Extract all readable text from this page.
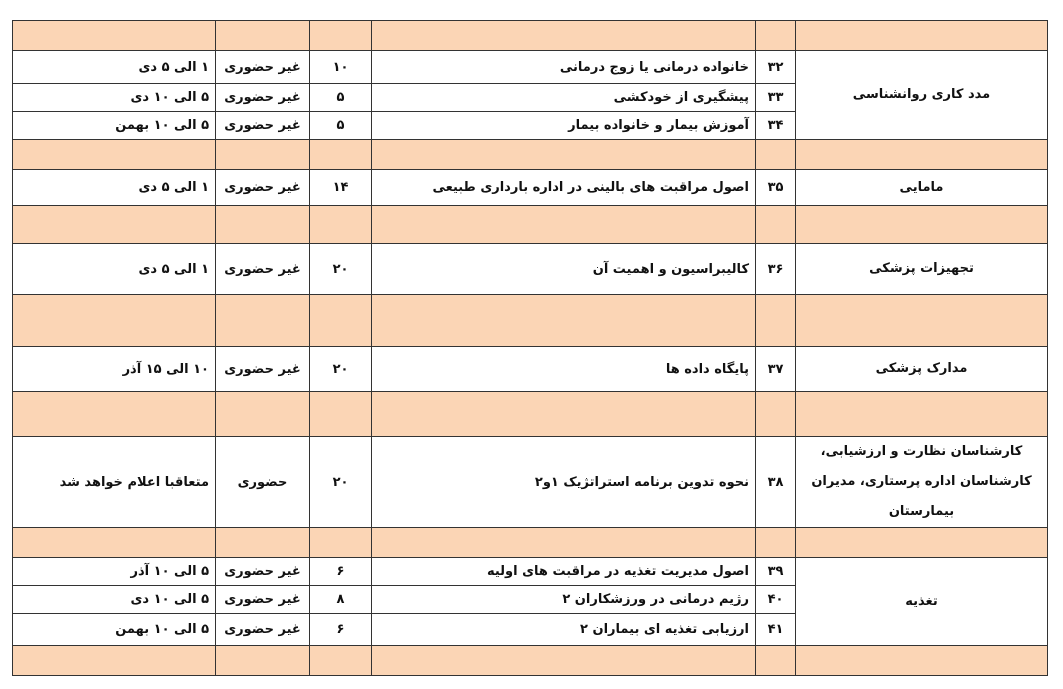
مدد کاری روانشناسی	۳۲	خانواده درمانی یا زوج درمانی	۱۰	غیر حضوری	۱ الی ۵ دی
	۳۳	پیشگیری از خودکشی	۵	غیر حضوری	۵ الی ۱۰ دی
	۳۴	آموزش بیمار و خانواده بیمار	۵	غیر حضوری	۵ الی ۱۰ بهمن

مامایی	۳۵	اصول مراقبت های بالینی در اداره بارداری طبیعی	۱۴	غیر حضوری	۱ الی ۵ دی

تجهیزات پزشکی	۳۶	کالیبراسیون و اهمیت آن	۲۰	غیر حضوری	۱ الی ۵ دی

مدارک پزشکی	۳۷	پایگاه داده ها	۲۰	غیر حضوری	۱۰ الی ۱۵ آذر

کارشناسان نظارت و ارزشیابی، کارشناسان اداره پرستاری، مدیران بیمارستان	۳۸	نحوه تدوین برنامه استراتژیک ۱و۲	۲۰	حضوری	متعاقبا اعلام خواهد شد

تغذیه	۳۹	اصول مدیریت تغذیه در مراقبت های اولیه	۶	غیر حضوری	۵ الی ۱۰ آذر
	۴۰	رژیم درمانی در ورزشکاران ۲	۸	غیر حضوری	۵ الی ۱۰ دی
	۴۱	ارزیابی تغذیه ای بیماران ۲	۶	غیر حضوری	۵ الی ۱۰ بهمن
